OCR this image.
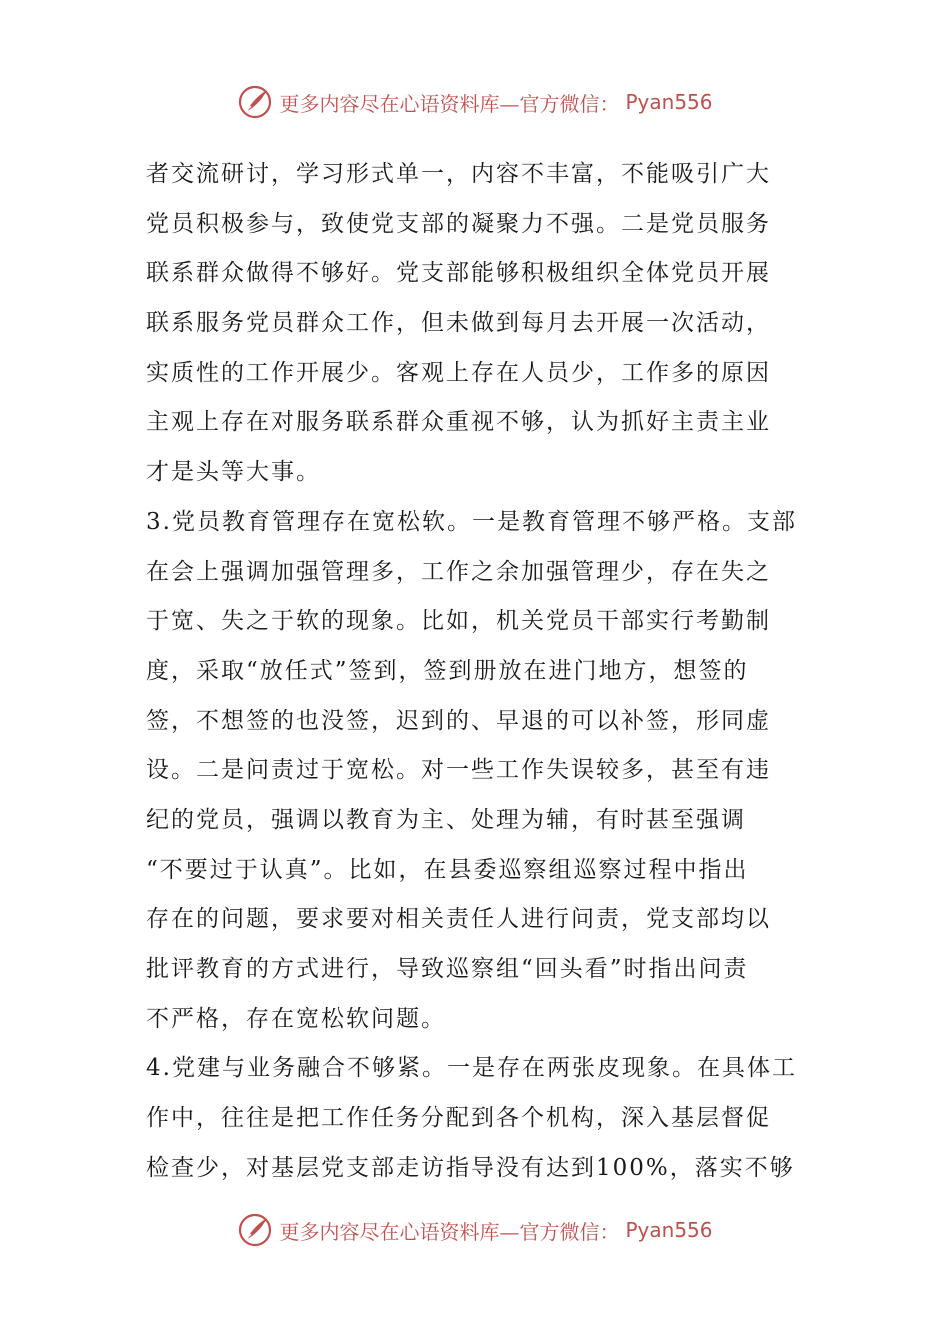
更多内容尽在心语资料库—官方微信： Pyan556
者交流研讨，学习形式单一，内容不丰富，不能吸引广大
党员积极参与，致使党支部的凝聚力不强。二是党员服务
联系群众做得不够好。党支部能够积极组织全体党员开展
联系服务党员群众工作，但未做到每月去开展一次活动，
实质性的工作开展少。客观上存在人员少，工作多的原因
主观上存在对服务联系群众重视不够，认为抓好主责主业
才是头等大事。
3.党员教育管理存在宽松软。一是教育管理不够严格。支部
在会上强调加强管理多，工作之余加强管理少，存在失之
于宽、失之于软的现象。比如，机关党员干部实行考勤制
度，采取“放任式”签到，签到册放在进门地方，想签的
签，不想签的也没签，迟到的、早退的可以补签，形同虚
设。二是问责过于宽松。对一些工作失误较多，甚至有违
纪的党员，强调以教育为主、处理为辅，有时甚至强调
“不要过于认真”。比如，在县委巡察组巡察过程中指出
存在的问题，要求要对相关责任人进行问责，党支部均以
批评教育的方式进行，导致巡察组“回头看”时指出问责
不严格，存在宽松软问题。
4.党建与业务融合不够紧。一是存在两张皮现象。在具体工
作中，往往是把工作任务分配到各个机构，深入基层督促
检查少，对基层党支部走访指导没有达到100%，落实不够
更多内容尽在心语资料库—官方微信： Pyan556
